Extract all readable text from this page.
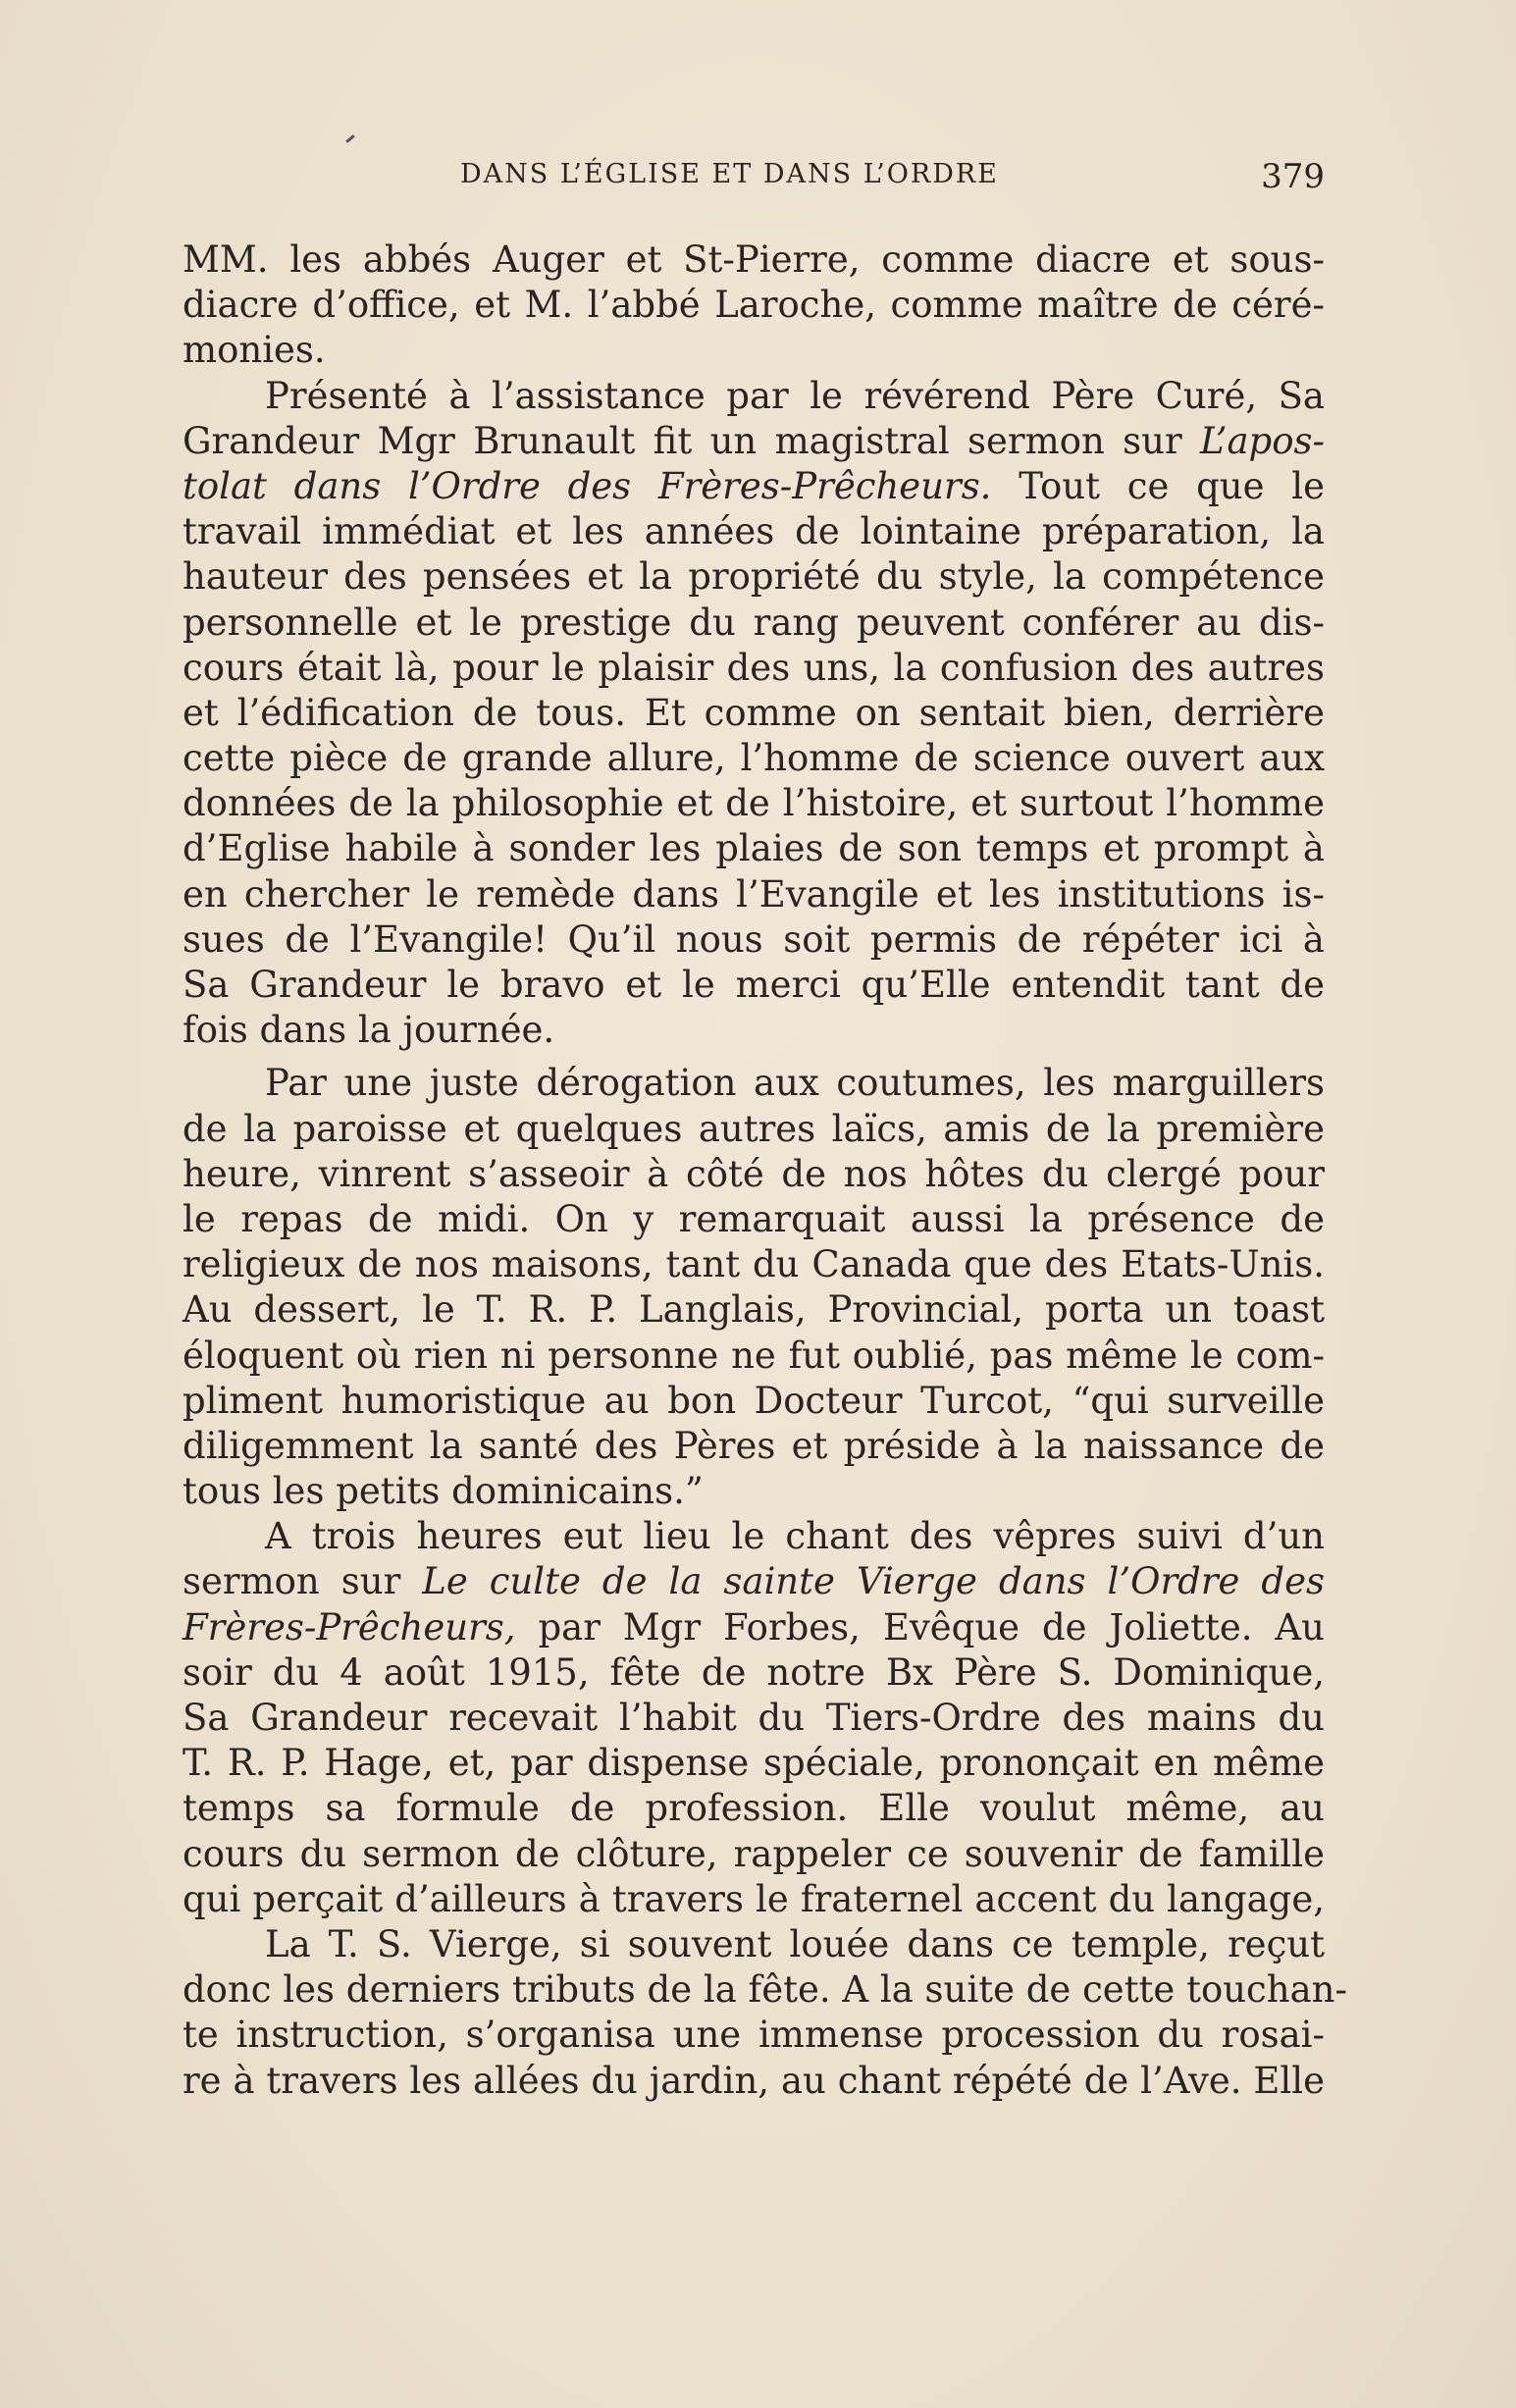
DANS L’ÉGLISE ET DANS L’ORDRE	379
MM. les abbés Auger et St-Pierre, comme diacre et sous-
diacre d’office, et M. l’abbé Laroche, comme maître de céré-
monies.
Présenté à l’assistance par le révérend Père Curé, Sa
Grandeur Mgr Brunault fit un magistral sermon sur L’apos-
tolat dans l’Ordre des Frères-Prêcheurs. Tout ce que le
travail immédiat et les années de lointaine préparation, la
hauteur des pensées et la propriété du style, la compétence
personnelle et le prestige du rang peuvent conférer au dis-
cours était là, pour le plaisir des uns, la confusion des autres
et l’édification de tous. Et comme on sentait bien, derrière
cette pièce de grande allure, l’homme de science ouvert aux
données de la philosophie et de l’histoire, et surtout l’homme
d’Eglise habile à sonder les plaies de son temps et prompt à
en chercher le remède dans l’Evangile et les institutions is-
sues de l’Evangile! Qu’il nous soit permis de répéter ici à
Sa Grandeur le bravo et le merci qu’Elle entendit tant de
fois dans la journée.
Par une juste dérogation aux coutumes, les marguillers
de la paroisse et quelques autres laïcs, amis de la première
heure, vinrent s’asseoir à côté de nos hôtes du clergé pour
le repas de midi. On y remarquait aussi la présence de
religieux de nos maisons, tant du Canada que des Etats-Unis.
Au dessert, le T. R. P. Langlais, Provincial, porta un toast
éloquent où rien ni personne ne fut oublié, pas même le com-
pliment humoristique au bon Docteur Turcot, “qui surveille
diligemment la santé des Pères et préside à la naissance de
tous les petits dominicains.”
A trois heures eut lieu le chant des vêpres suivi d’un
sermon sur Le culte de la sainte Vierge dans l’Ordre des
Frères-Prêcheurs, par Mgr Forbes, Evêque de Joliette. Au
soir du 4 août 1915, fête de notre Bx Père S. Dominique,
Sa Grandeur recevait l’habit du Tiers-Ordre des mains du
T. R. P. Hage, et, par dispense spéciale, prononçait en même
temps sa formule de profession. Elle voulut même, au
cours du sermon de clôture, rappeler ce souvenir de famille
qui perçait d’ailleurs à travers le fraternel accent du langage,
La T. S. Vierge, si souvent louée dans ce temple, reçut
donc les derniers tributs de la fête. A la suite de cette touchan-
te instruction, s’organisa une immense procession du rosai-
re à travers les allées du jardin, au chant répété de l’Ave. Elle
